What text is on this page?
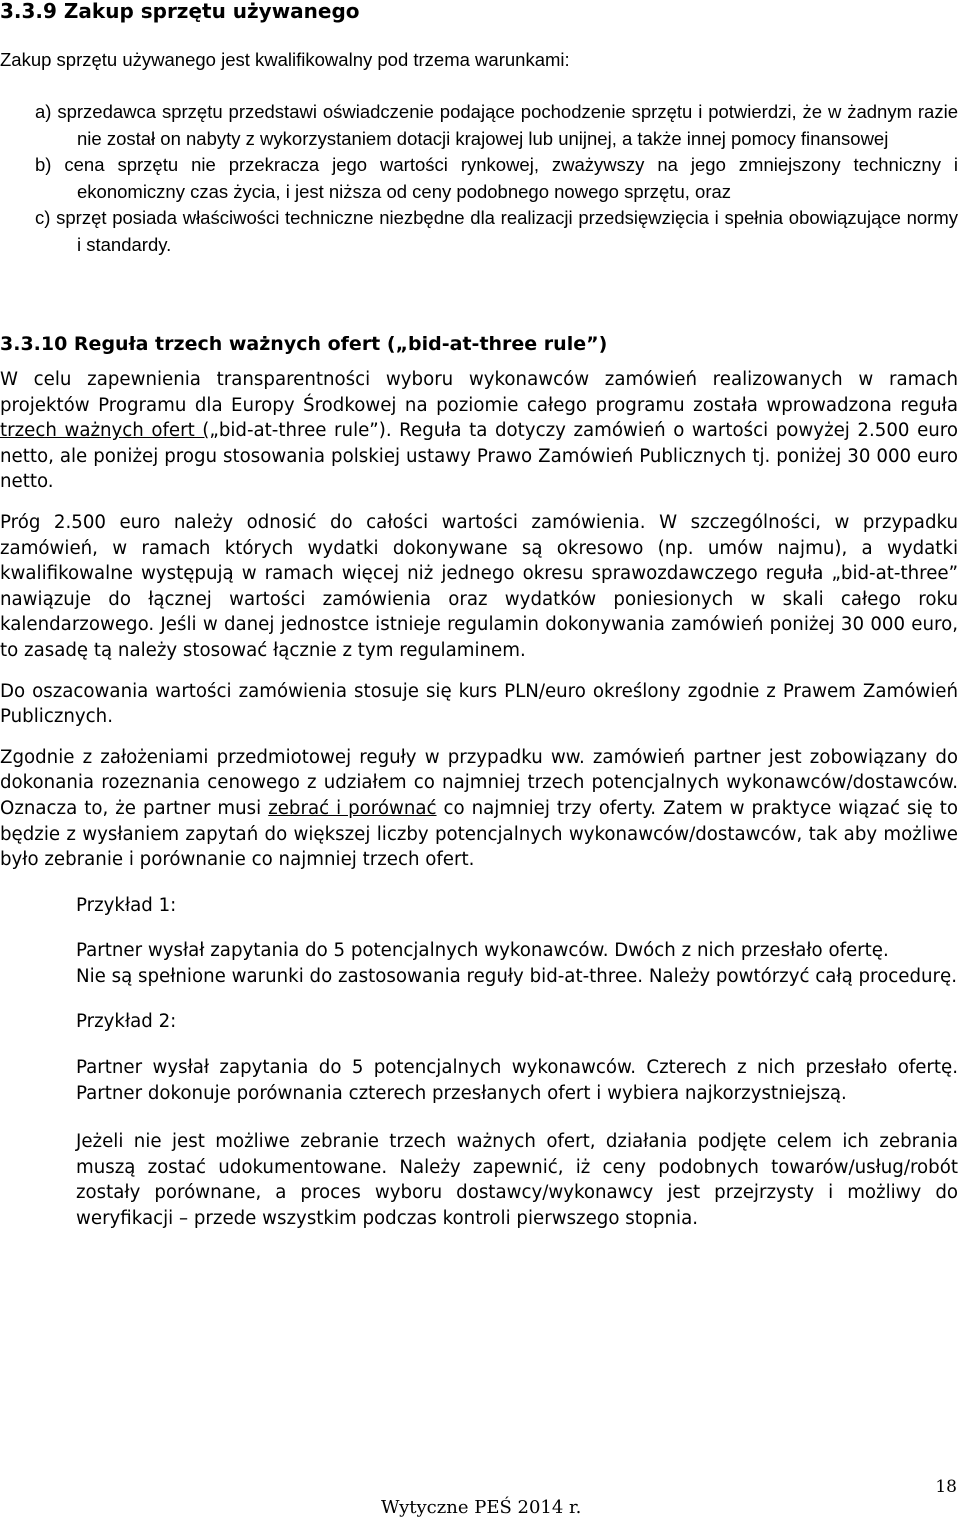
3.3.9 Zakup sprzętu używanego

Zakup sprzętu używanego jest kwalifikowalny pod trzema warunkami:

a) sprzedawca sprzętu przedstawi oświadczenie podające pochodzenie sprzętu i potwierdzi, że w żadnym razie nie został on nabyty z wykorzystaniem dotacji krajowej lub unijnej, a także innej pomocy finansowej
b) cena sprzętu nie przekracza jego wartości rynkowej, zważywszy na jego zmniejszony techniczny i ekonomiczny czas życia, i jest niższa od ceny podobnego nowego sprzętu, oraz
c) sprzęt posiada właściwości techniczne niezbędne dla realizacji przedsięwzięcia i spełnia obowiązujące normy i standardy.
3.3.10 Reguła trzech ważnych ofert („bid-at-three rule”)

W celu zapewnienia transparentności wyboru wykonawców zamówień realizowanych w ramach projektów Programu dla Europy Środkowej na poziomie całego programu została wprowadzona reguła trzech ważnych ofert („bid-at-three rule”). Reguła ta dotyczy zamówień o wartości powyżej 2.500 euro netto, ale poniżej progu stosowania polskiej ustawy Prawo Zamówień Publicznych tj. poniżej 30 000 euro netto.

Próg 2.500 euro należy odnosić do całości wartości zamówienia. W szczególności, w przypadku zamówień, w ramach których wydatki dokonywane są okresowo (np. umów najmu), a wydatki kwalifikowalne występują w ramach więcej niż jednego okresu sprawozdawczego reguła „bid-at-three” nawiązuje do łącznej wartości zamówienia oraz wydatków poniesionych w skali całego roku kalendarzowego. Jeśli w danej jednostce istnieje regulamin dokonywania zamówień poniżej 30 000 euro, to zasadę tą należy stosować łącznie z tym regulaminem.

Do oszacowania wartości zamówienia stosuje się kurs PLN/euro określony zgodnie z Prawem Zamówień Publicznych.

Zgodnie z założeniami przedmiotowej reguły w przypadku ww. zamówień partner jest zobowiązany do dokonania rozeznania cenowego z udziałem co najmniej trzech potencjalnych wykonawców/dostawców. Oznacza to, że partner musi zebrać i porównać co najmniej trzy oferty. Zatem w praktyce wiązać się to będzie z wysłaniem zapytań do większej liczby potencjalnych wykonawców/dostawców, tak aby możliwe było zebranie i porównanie co najmniej trzech ofert.

Przykład 1:

Partner wysłał zapytania do 5 potencjalnych wykonawców. Dwóch z nich przesłało ofertę.

Nie są spełnione warunki do zastosowania reguły bid-at-three. Należy powtórzyć całą procedurę.

Przykład 2:

Partner wysłał zapytania do 5 potencjalnych wykonawców. Czterech z nich przesłało ofertę. Partner dokonuje porównania czterech przesłanych ofert i wybiera najkorzystniejszą.

Jeżeli nie jest możliwe zebranie trzech ważnych ofert, działania podjęte celem ich zebrania muszą zostać udokumentowane. Należy zapewnić, iż ceny podobnych towarów/usług/robót zostały porównane, a proces wyboru dostawcy/wykonawcy jest przejrzysty i możliwy do weryfikacji – przede wszystkim podczas kontroli pierwszego stopnia.

18

Wytyczne PEŚ 2014 r.
